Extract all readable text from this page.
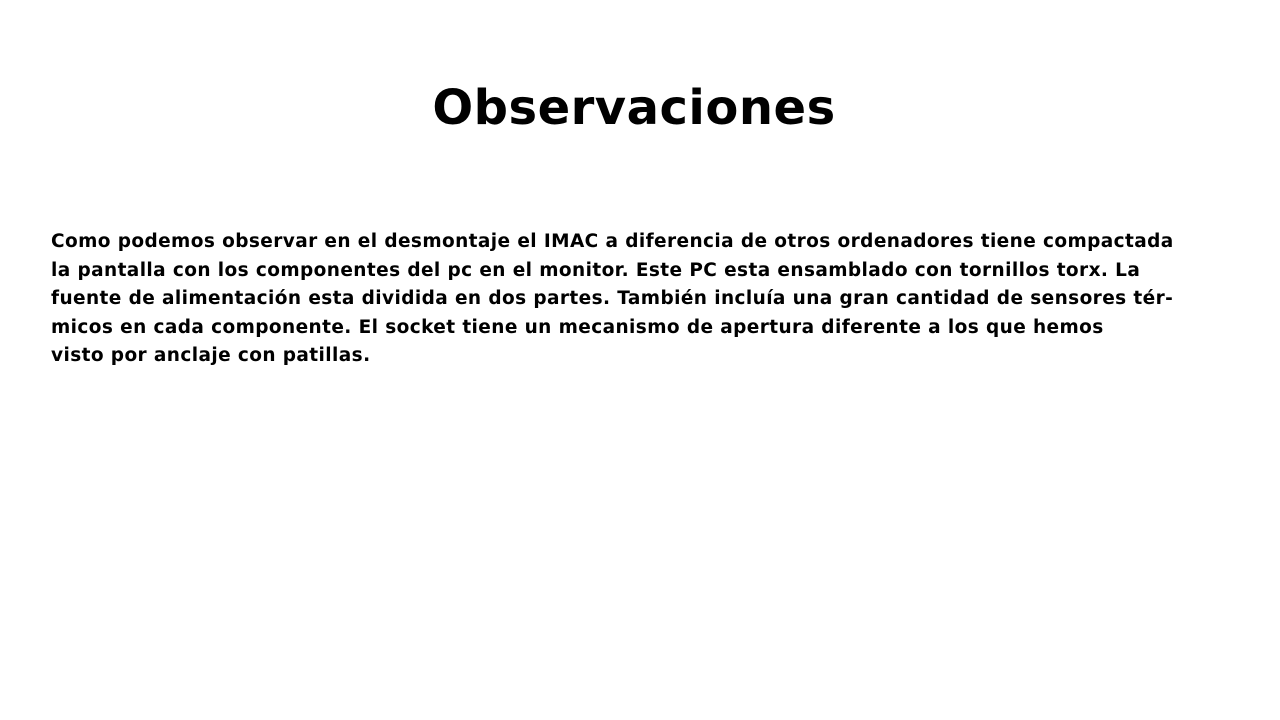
Observaciones

Como podemos observar en el desmontaje el IMAC a diferencia de otros ordenadores tiene compactada
la pantalla con los componentes del pc en el monitor. Este PC esta ensamblado con tornillos torx. La
fuente de alimentación esta dividida en dos partes. También incluía una gran cantidad de sensores tér-
micos en cada componente. El socket tiene un mecanismo de apertura diferente a los que hemos
visto por anclaje con patillas.
